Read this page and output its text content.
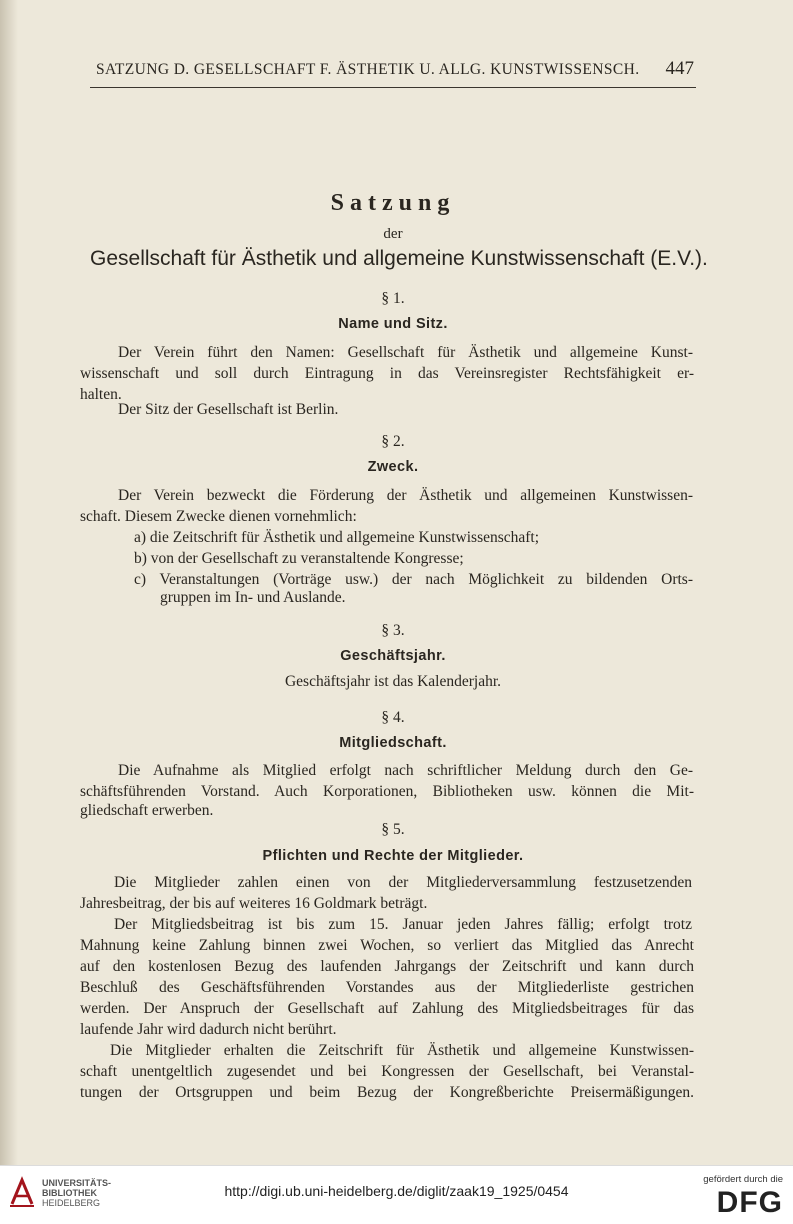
SATZUNG D. GESELLSCHAFT F. ÄSTHETIK U. ALLG. KUNSTWISSENSCH. 447
Satzung
der
Gesellschaft für Ästhetik und allgemeine Kunstwissenschaft (E.V.).
§ 1.
Name und Sitz.
Der Verein führt den Namen: Gesellschaft für Ästhetik und allgemeine Kunst-
wissenschaft und soll durch Eintragung in das Vereinsregister Rechtsfähigkeit er-
halten.
Der Sitz der Gesellschaft ist Berlin.
§ 2.
Zweck.
Der Verein bezweckt die Förderung der Ästhetik und allgemeinen Kunstwissen-
schaft. Diesem Zwecke dienen vornehmlich:
a) die Zeitschrift für Ästhetik und allgemeine Kunstwissenschaft;
b) von der Gesellschaft zu veranstaltende Kongresse;
c) Veranstaltungen (Vorträge usw.) der nach Möglichkeit zu bildenden Orts-
gruppen im In- und Auslande.
§ 3.
Geschäftsjahr.
Geschäftsjahr ist das Kalenderjahr.
§ 4.
Mitgliedschaft.
Die Aufnahme als Mitglied erfolgt nach schriftlicher Meldung durch den Ge-
schäftsführenden Vorstand. Auch Korporationen, Bibliotheken usw. können die Mit-
gliedschaft erwerben.
§ 5.
Pflichten und Rechte der Mitglieder.
Die Mitglieder zahlen einen von der Mitgliederversammlung festzusetzenden
Jahresbeitrag, der bis auf weiteres 16 Goldmark beträgt.
Der Mitgliedsbeitrag ist bis zum 15. Januar jeden Jahres fällig; erfolgt trotz
Mahnung keine Zahlung binnen zwei Wochen, so verliert das Mitglied das Anrecht
auf den kostenlosen Bezug des laufenden Jahrgangs der Zeitschrift und kann durch
Beschluß des Geschäftsführenden Vorstandes aus der Mitgliederliste gestrichen
werden. Der Anspruch der Gesellschaft auf Zahlung des Mitgliedsbeitrages für das
laufende Jahr wird dadurch nicht berührt.
Die Mitglieder erhalten die Zeitschrift für Ästhetik und allgemeine Kunstwissen-
schaft unentgeltlich zugesendet und bei Kongressen der Gesellschaft, bei Veranstal-
tungen der Ortsgruppen und beim Bezug der Kongreßberichte Preisermäßigungen.
UNIVERSITÄTS-
BIBLIOTHEK
HEIDELBERG
http://digi.ub.uni-heidelberg.de/diglit/zaak19_1925/0454
gefördert durch die
DFG
